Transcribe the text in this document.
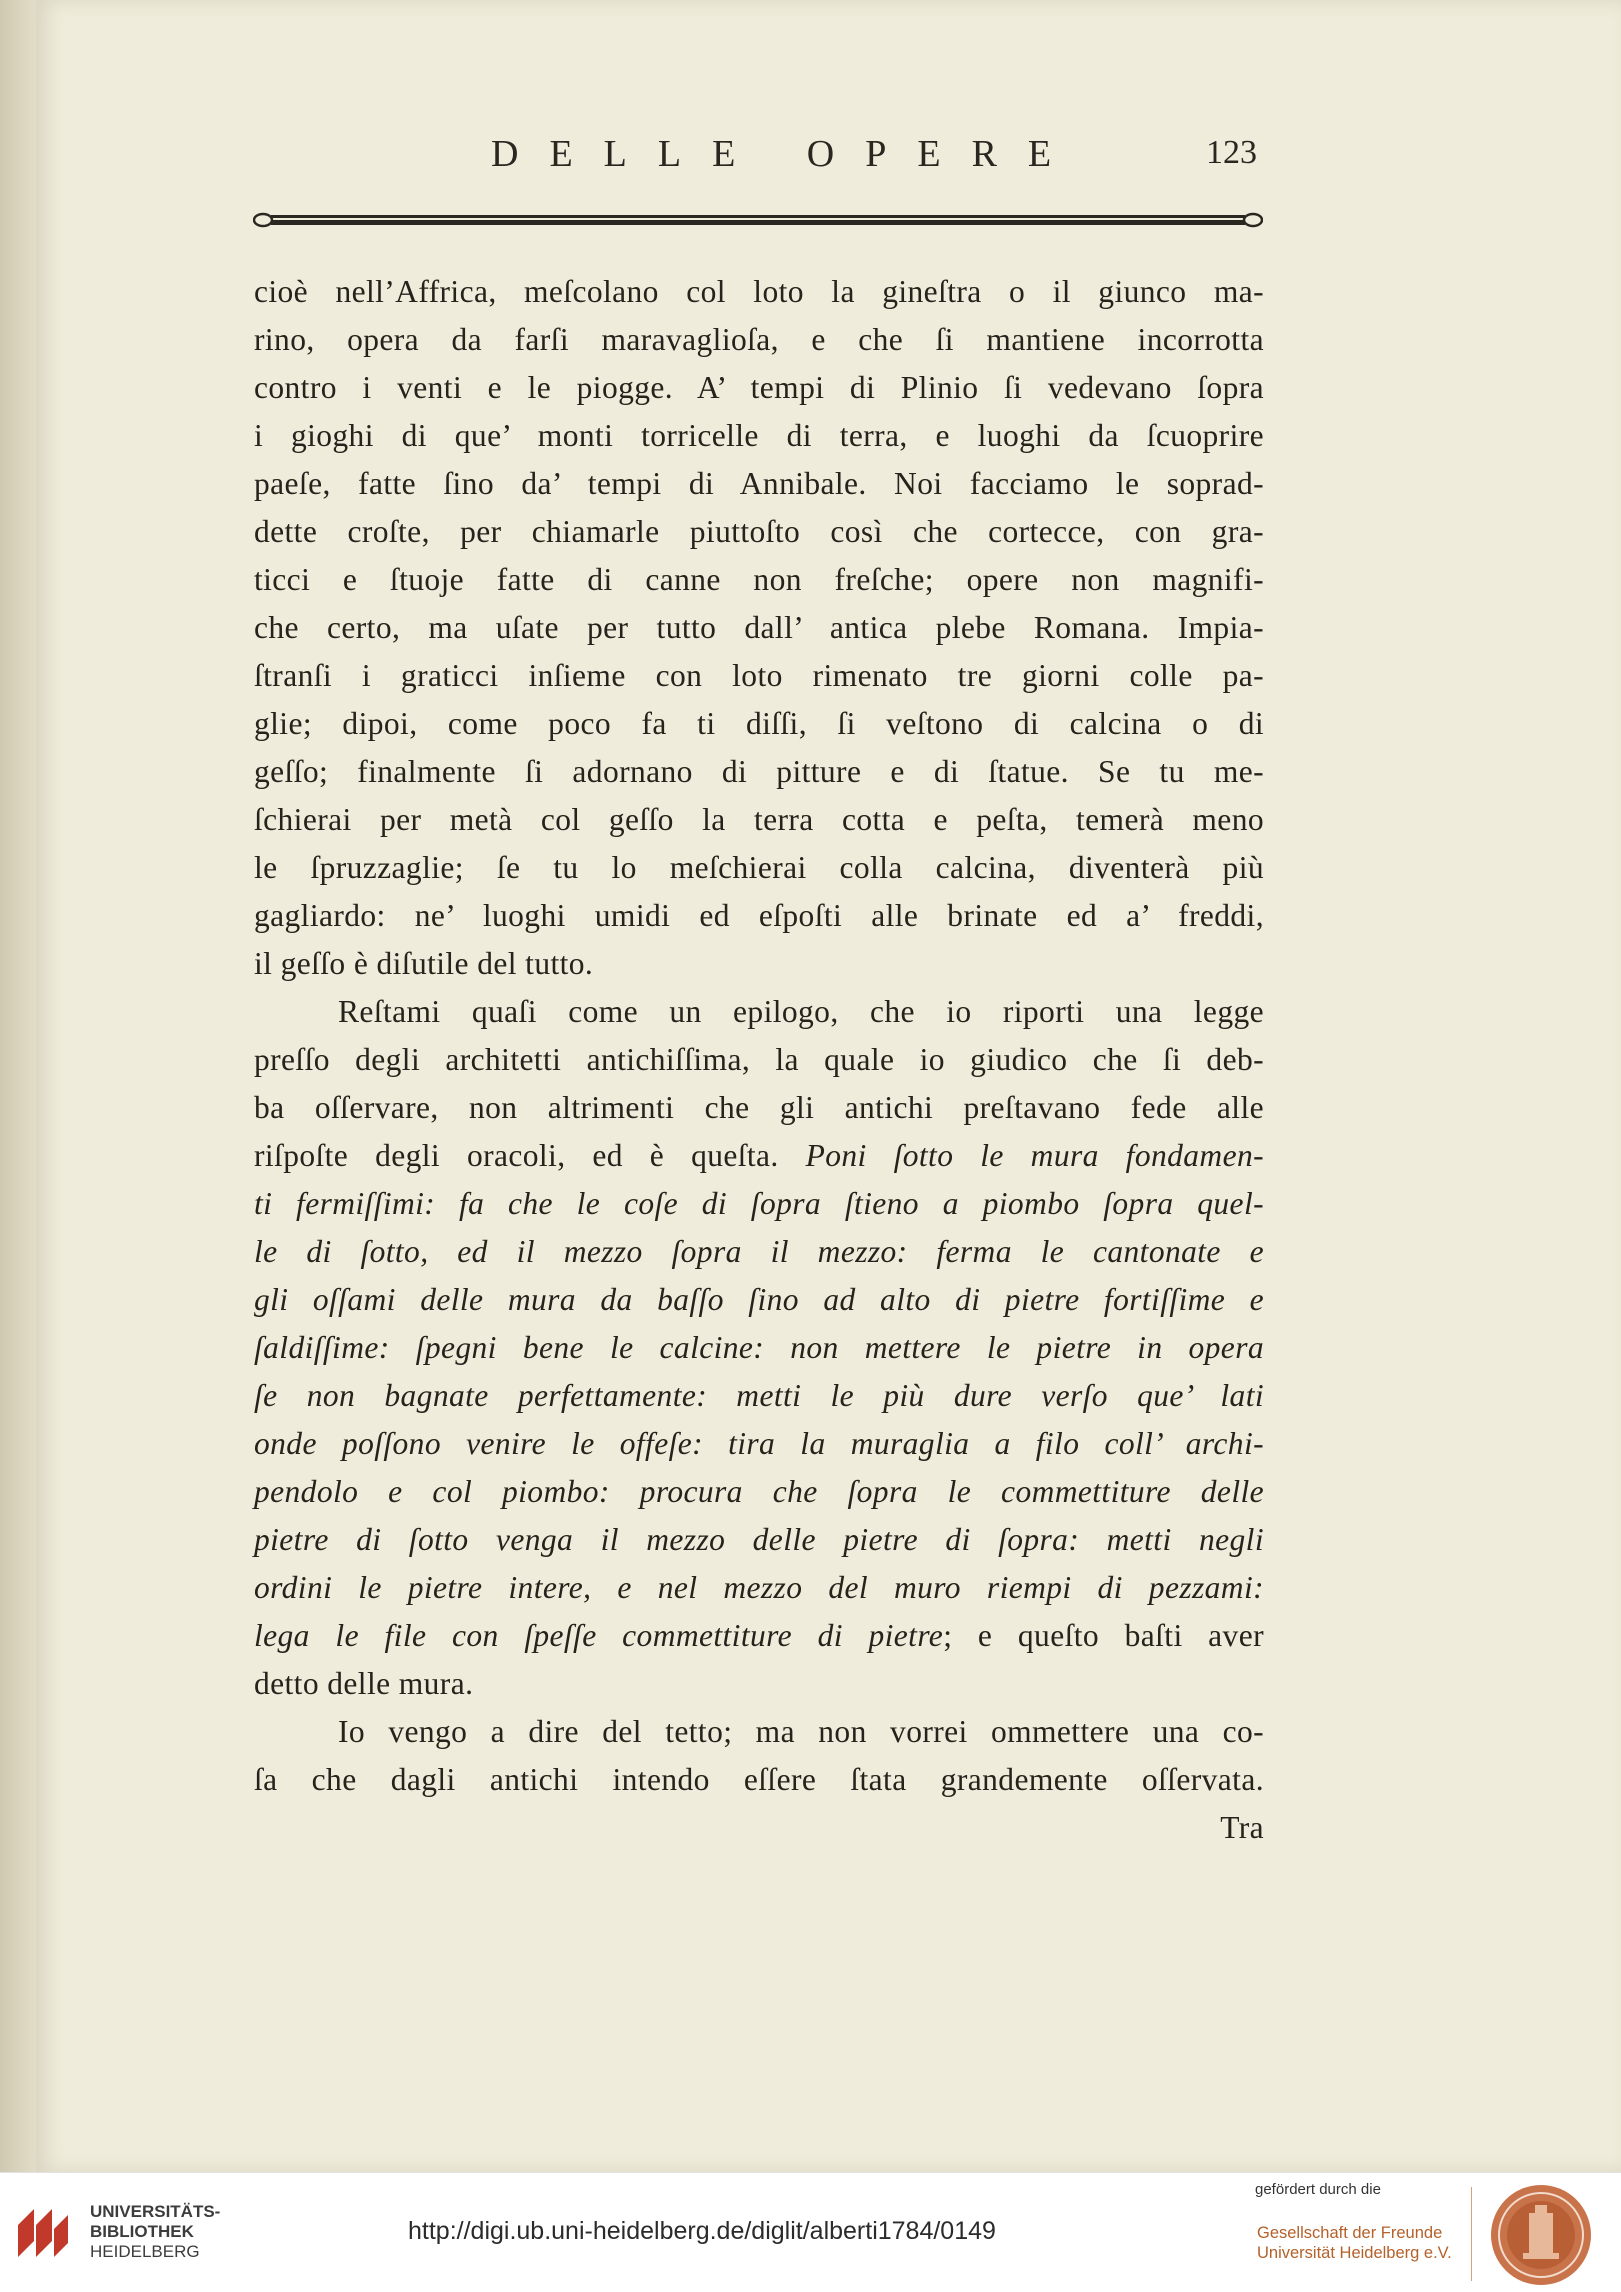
DELLE OPERE	123
cioè nell’Affrica, meſcolano col loto la gineſtra o il giunco ma-
rino, opera da farſi maravaglioſa, e che ſi mantiene incorrotta
contro i venti e le piogge. A’ tempi di Plinio ſi vedevano ſopra
i gioghi di que’ monti torricelle di terra, e luoghi da ſcuoprire
paeſe, fatte ſino da’ tempi di Annibale. Noi facciamo le soprad-
dette croſte, per chiamarle piuttoſto così che cortecce, con gra-
ticci e ſtuoje fatte di canne non freſche; opere non magnifi-
che certo, ma uſate per tutto dall’ antica plebe Romana. Impia-
ſtranſi i graticci inſieme con loto rimenato tre giorni colle pa-
glie; dipoi, come poco fa ti diſſi, ſi veſtono di calcina o di
geſſo; finalmente ſi adornano di pitture e di ſtatue. Se tu me-
ſchierai per metà col geſſo la terra cotta e peſta, temerà meno
le ſpruzzaglie; ſe tu lo meſchierai colla calcina, diventerà più
gagliardo: ne’ luoghi umidi ed eſpoſti alle brinate ed a’ freddi,
il geſſo è diſutile del tutto.
Reſtami quaſi come un epilogo, che io riporti una legge
preſſo degli architetti antichiſſima, la quale io giudico che ſi deb-
ba oſſervare, non altrimenti che gli antichi preſtavano fede alle
riſpoſte degli oracoli, ed è queſta. Poni ſotto le mura fondamen-
ti fermiſſimi: fa che le coſe di ſopra ſtieno a piombo ſopra quel-
le di ſotto, ed il mezzo ſopra il mezzo: ferma le cantonate e
gli oſſami delle mura da baſſo ſino ad alto di pietre fortiſſime e
ſaldiſſime: ſpegni bene le calcine: non mettere le pietre in opera
ſe non bagnate perfettamente: metti le più dure verſo que’ lati
onde poſſono venire le offeſe: tira la muraglia a filo coll’ archi-
pendolo e col piombo: procura che ſopra le commettiture delle
pietre di ſotto venga il mezzo delle pietre di ſopra: metti negli
ordini le pietre intere, e nel mezzo del muro riempi di pezzami:
lega le file con ſpeſſe commettiture di pietre; e queſto baſti aver
detto delle mura.
Io vengo a dire del tetto; ma non vorrei ommettere una co-
ſa che dagli antichi intendo eſſere ſtata grandemente oſſervata.
Tra
UNIVERSITÄTS-
BIBLIOTHEK
HEIDELBERG
http://digi.ub.uni-heidelberg.de/diglit/alberti1784/0149
gefördert durch die
Gesellschaft der Freunde
Universität Heidelberg e.V.
